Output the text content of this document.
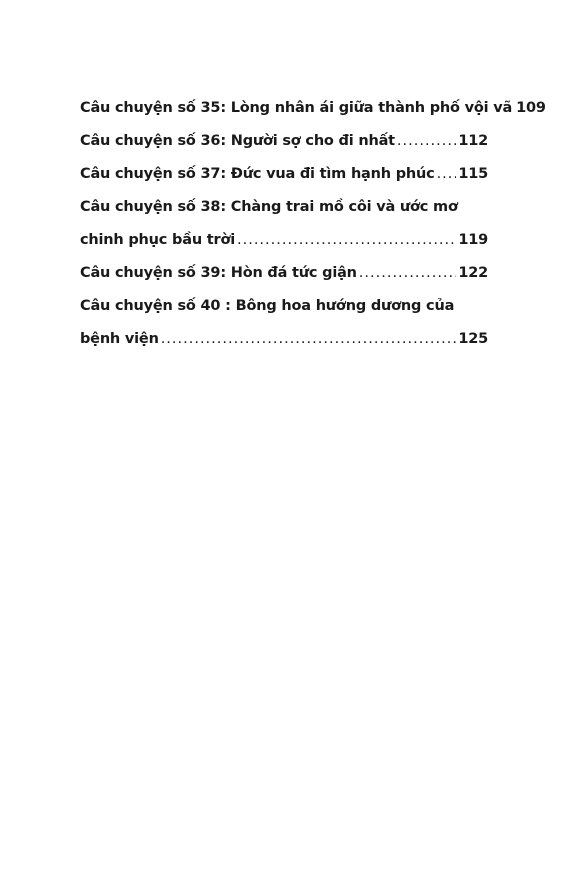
Câu chuyện số 35: Lòng nhân ái giữa thành phố vội vã 109
Câu chuyện số 36: Người sợ cho đi nhất .....	112
Câu chuyện số 37: Đức vua đi tìm hạnh phúc ..... 115
Câu chuyện số 38: Chàng trai mồ côi và ước mơ
chinh phục bầu trời .....	119
Câu chuyện số 39: Hòn đá tức giận .....	122
Câu chuyện số 40 : Bông hoa hướng dương của
bệnh viện .....	125
